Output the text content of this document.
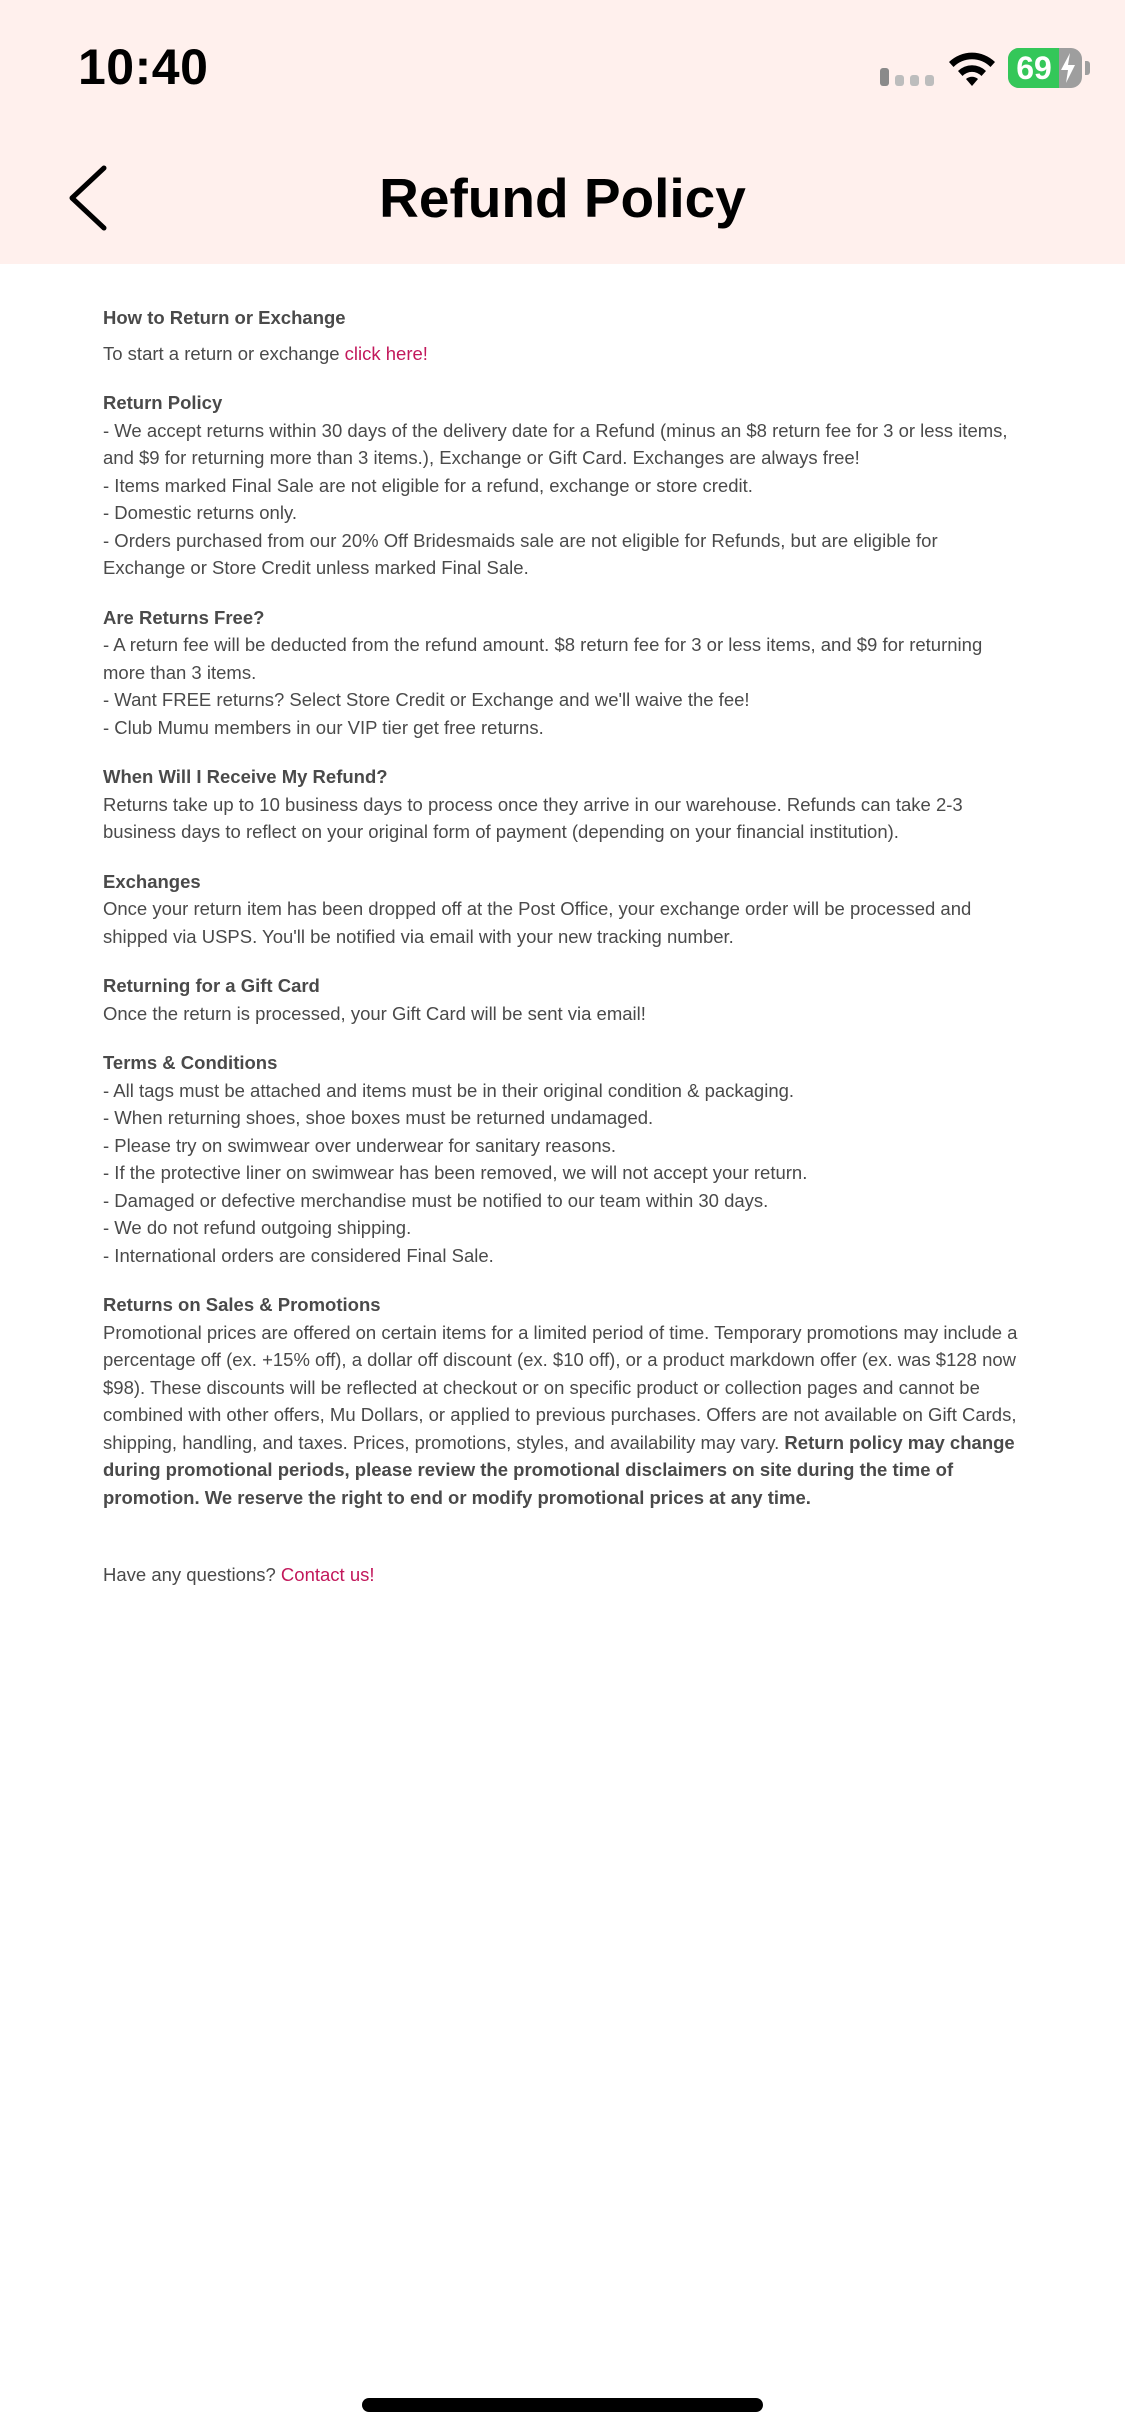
10:40	69
Refund Policy

How to Return or Exchange

To start a return or exchange click here!

Return Policy

- We accept returns within 30 days of the delivery date for a Refund (minus an $8 return fee for 3 or less items, and $9 for returning more than 3 items.), Exchange or Gift Card. Exchanges are always free!

- Items marked Final Sale are not eligible for a refund, exchange or store credit.

- Domestic returns only.

- Orders purchased from our 20% Off Bridesmaids sale are not eligible for Refunds, but are eligible for Exchange or Store Credit unless marked Final Sale.

Are Returns Free?

- A return fee will be deducted from the refund amount. $8 return fee for 3 or less items, and $9 for returning more than 3 items.

- Want FREE returns? Select Store Credit or Exchange and we'll waive the fee!

- Club Mumu members in our VIP tier get free returns.

When Will I Receive My Refund?

Returns take up to 10 business days to process once they arrive in our warehouse. Refunds can take 2-3 business days to reflect on your original form of payment (depending on your financial institution).

Exchanges

Once your return item has been dropped off at the Post Office, your exchange order will be processed and shipped via USPS. You'll be notified via email with your new tracking number.

Returning for a Gift Card

Once the return is processed, your Gift Card will be sent via email!

Terms & Conditions

- All tags must be attached and items must be in their original condition & packaging.

- When returning shoes, shoe boxes must be returned undamaged.

- Please try on swimwear over underwear for sanitary reasons.

- If the protective liner on swimwear has been removed, we will not accept your return.

- Damaged or defective merchandise must be notified to our team within 30 days.

- We do not refund outgoing shipping.

- International orders are considered Final Sale.

Returns on Sales & Promotions

Promotional prices are offered on certain items for a limited period of time. Temporary promotions may include a percentage off (ex. +15% off), a dollar off discount (ex. $10 off), or a product markdown offer (ex. was $128 now $98). These discounts will be reflected at checkout or on specific product or collection pages and cannot be combined with other offers, Mu Dollars, or applied to previous purchases. Offers are not available on Gift Cards, shipping, handling, and taxes. Prices, promotions, styles, and availability may vary. Return policy may change during promotional periods, please review the promotional disclaimers on site during the time of promotion. We reserve the right to end or modify promotional prices at any time.

Have any questions? Contact us!
